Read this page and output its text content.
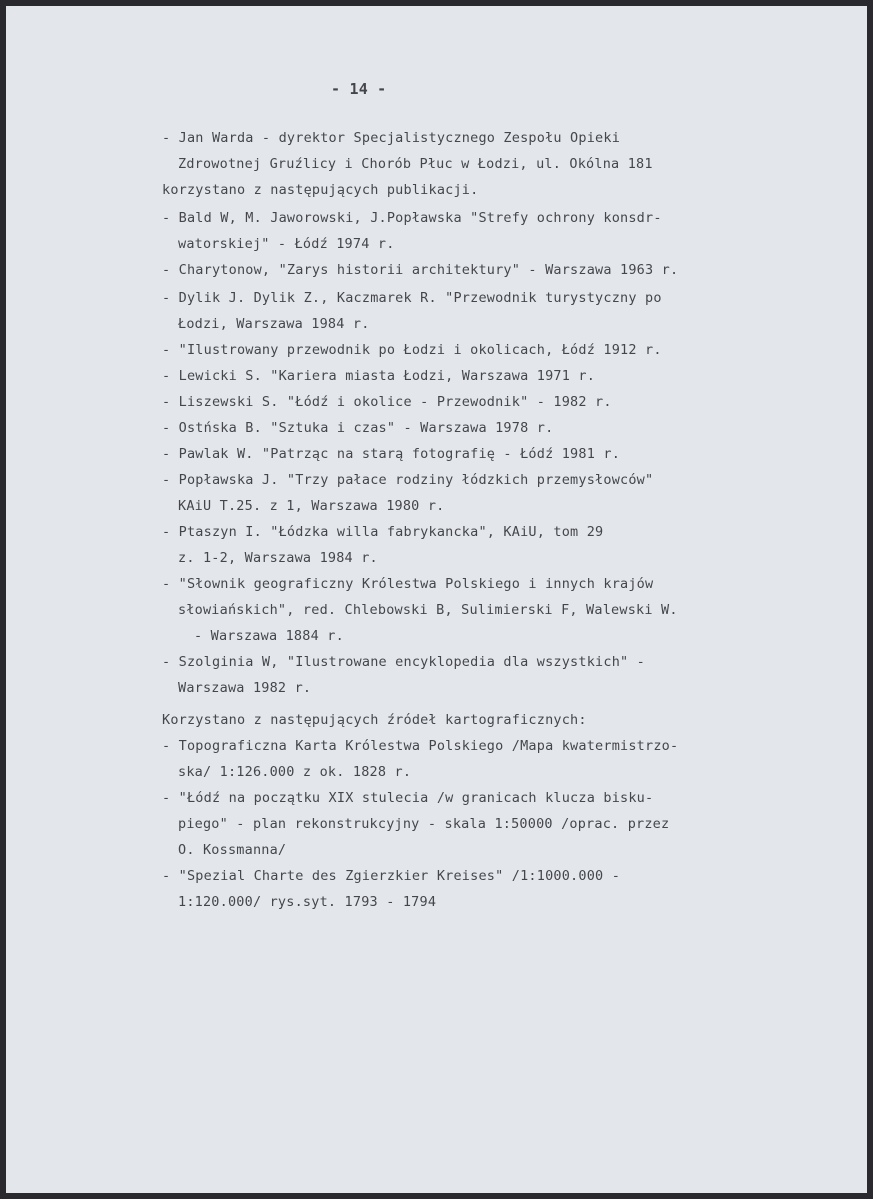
- 14 -
- Jan Warda - dyrektor Specjalistycznego Zespołu Opieki
Zdrowotnej Gruźlicy i Chorób Płuc w Łodzi, ul. Okólna 181
korzystano z następujących publikacji.
- Bald W, M. Jaworowski, J.Popławska "Strefy ochrony konsdr-
watorskiej" - Łódź 1974 r.
- Charytonow, "Zarys historii architektury" - Warszawa 1963 r.
- Dylik J. Dylik Z., Kaczmarek R. "Przewodnik turystyczny po
Łodzi, Warszawa 1984 r.
- "Ilustrowany przewodnik po Łodzi i okolicach, Łódź 1912 r.
- Lewicki S. "Kariera miasta Łodzi, Warszawa 1971 r.
- Liszewski S. "Łódź i okolice - Przewodnik" - 1982 r.
- Ostńska B. "Sztuka i czas" - Warszawa 1978 r.
- Pawlak W. "Patrząc na starą fotografię - Łódź 1981 r.
- Popławska J. "Trzy pałace rodziny łódzkich przemysłowców"
KAiU T.25. z 1, Warszawa 1980 r.
- Ptaszyn I. "Łódzka willa fabrykancka", KAiU, tom 29
z. 1-2, Warszawa 1984 r.
- "Słownik geograficzny Królestwa Polskiego i innych krajów
słowiańskich", red. Chlebowski B, Sulimierski F, Walewski W.
- Warszawa 1884 r.
- Szolginia W, "Ilustrowane encyklopedia dla wszystkich" -
Warszawa 1982 r.
Korzystano z następujących źródeł kartograficznych:
- Topograficzna Karta Królestwa Polskiego /Mapa kwatermistrzo-
ska/ 1:126.000 z ok. 1828 r.
- "Łódź na początku XIX stulecia /w granicach klucza bisku-
piego" - plan rekonstrukcyjny - skala 1:50000 /oprac. przez
O. Kossmanna/
- "Spezial Charte des Zgierzkier Kreises" /1:1000.000 -
1:120.000/ rys.syt. 1793 - 1794
